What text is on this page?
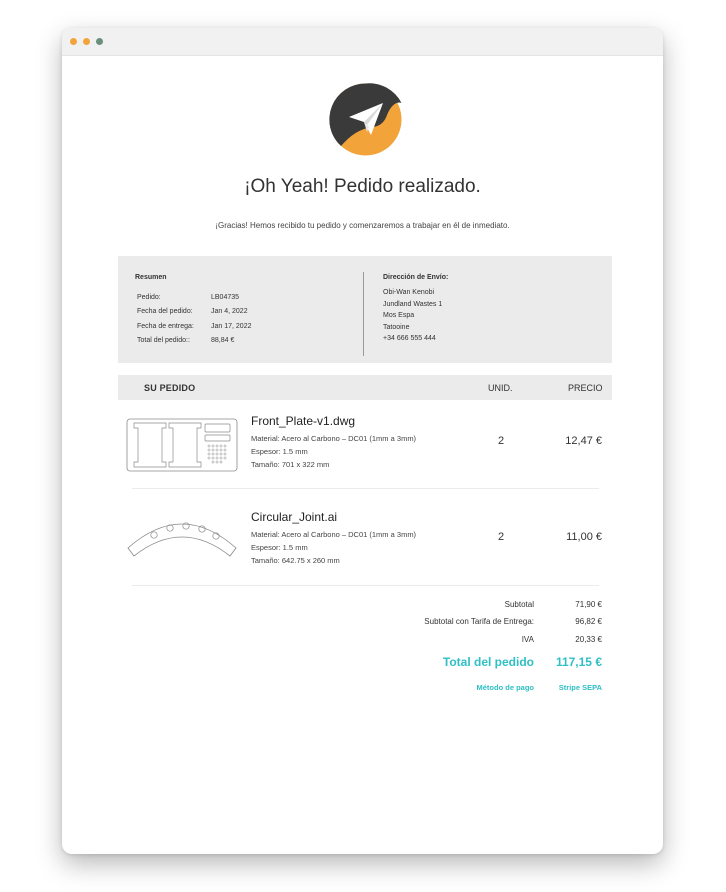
¡Oh Yeah! Pedido realizado.
¡Gracias! Hemos recibido tu pedido y comenzaremos a trabajar en él de inmediato.
Resumen
Pedido:	LB04735
Fecha del pedido:	Jan 4, 2022
Fecha de entrega:	Jan 17, 2022
Total del pedido::	88,84 €
Dirección de Envío:
Obi-Wan Kenobi
Jundland Wastes 1
Mos Espa
Tatooine
+34 666 555 444
SU PEDIDO	UNID.	PRECIO
Front_Plate-v1.dwg
Material: Acero al Carbono – DC01 (1mm a 3mm)
Espesor: 1.5 mm
Tamaño: 701 x 322 mm
2	12,47 €
Circular_Joint.ai
Material: Acero al Carbono – DC01 (1mm a 3mm)
Espesor: 1.5 mm
Tamaño: 642.75 x 260 mm
2	11,00 €
Subtotal	71,90 €
Subtotal con Tarifa de Entrega:	96,82 €
IVA	20,33 €
Total del pedido	117,15 €
Método de pago	Stripe SEPA
